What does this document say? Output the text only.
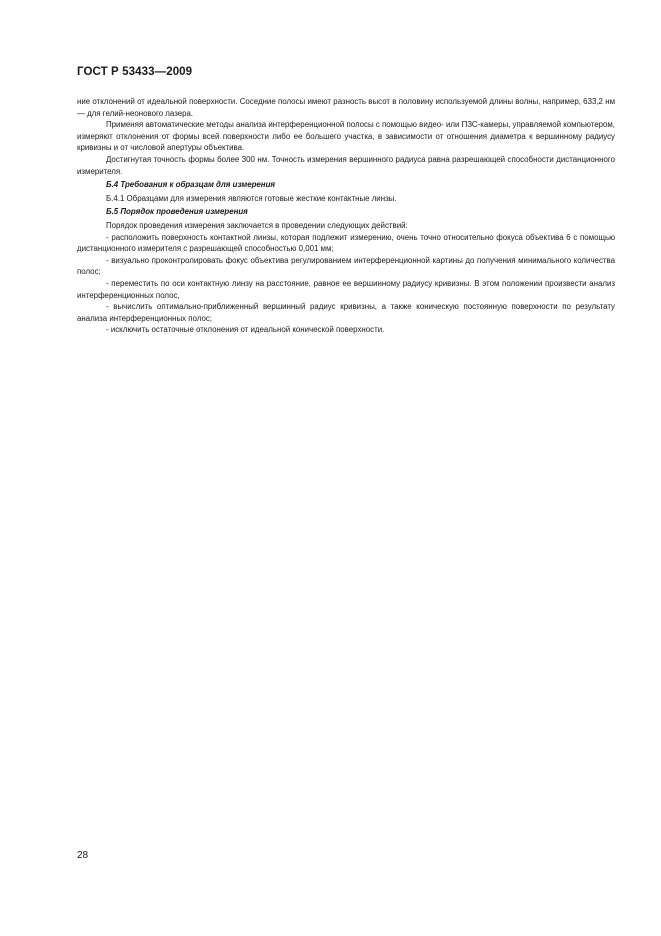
ГОСТ Р 53433—2009

ние отклонений от идеальной поверхности. Соседние полосы имеют разность высот в половину используемой длины волны, например, 633,2 нм — для гелий-неонового лазера.

Применяя автоматические методы анализа интерференционной полосы с помощью видео- или ПЗС-камеры, управляемой компьютером, измеряют отклонения от формы всей поверхности либо ее большего участка, в зависимости от отношения диаметра к вершинному радиусу кривизны и от числовой апертуры объектива.

Достигнутая точность формы более 300 нм. Точность измерения вершинного радиуса равна разрешающей способности дистанционного измерителя.

Б.4 Требования к образцам для измерения

Б.4.1 Образцами для измерения являются готовые жесткие контактные линзы.

Б.5 Порядок проведения измерения

Порядок проведения измерения заключается в проведении следующих действий:

- расположить поверхность контактной линзы, которая подлежит измерению, очень точно относительно фокуса объектива 6 с помощью дистанционного измерителя с разрешающей способностью 0,001 мм;

- визуально проконтролировать фокус объектива регулированием интерференционной картины до получения минимального количества полос;

- переместить по оси контактную линзу на расстояние, равное ее вершинному радиусу кривизны. В этом положении произвести анализ интерференционных полос,

- вычислить оптимально-приближенный вершинный радиус кривизны, а также коническую постоянную поверхности по результату анализа интерференционных полос;

- исключить остаточные отклонения от идеальной конической поверхности.

28
